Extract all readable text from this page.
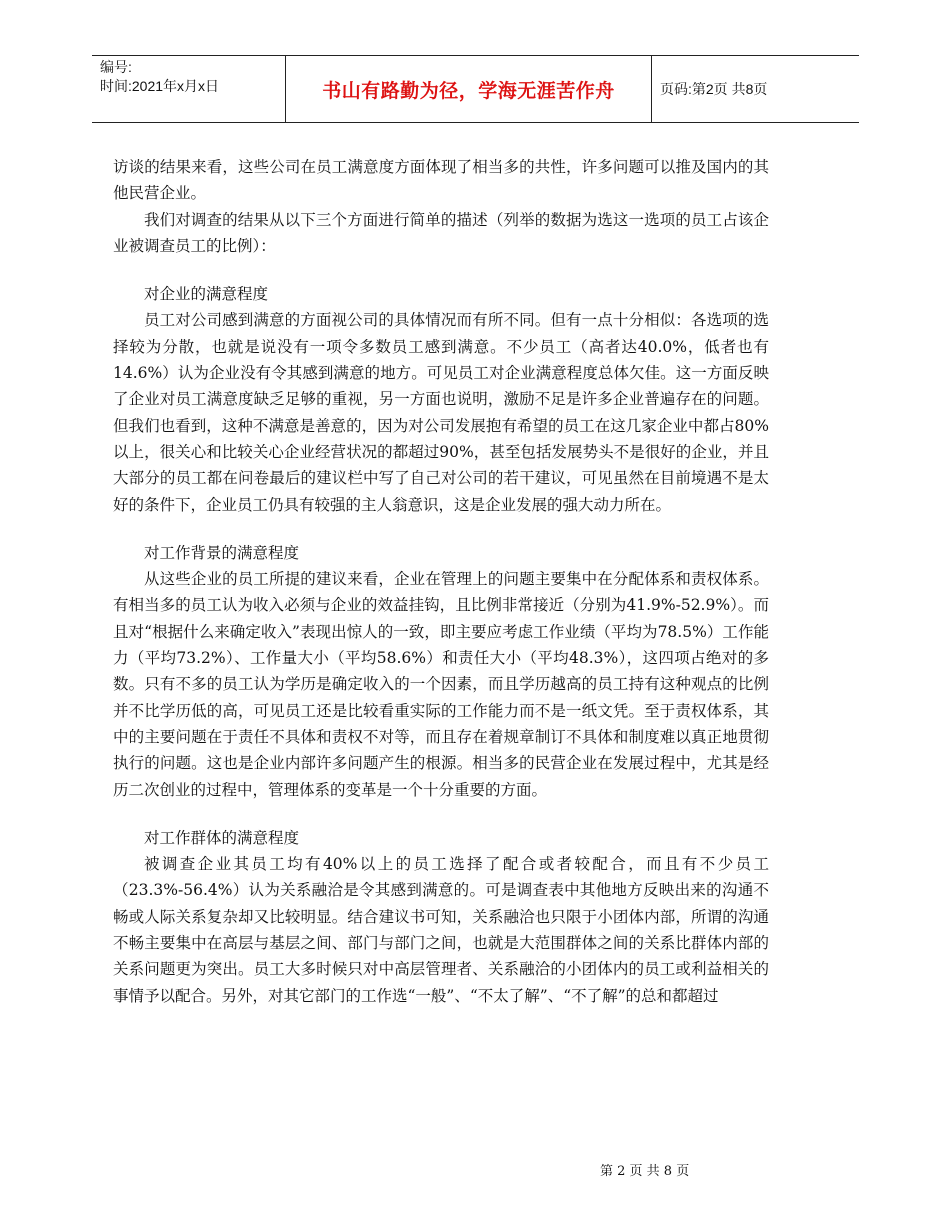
编号:
时间:2021年x月x日	书山有路勤为径，学海无涯苦作舟	页码:第2页 共8页

访谈的结果来看，这些公司在员工满意度方面体现了相当多的共性，许多问题可以推及国内的其他民营企业。

我们对调查的结果从以下三个方面进行简单的描述（列举的数据为选这一选项的员工占该企业被调查员工的比例）：

对企业的满意程度

员工对公司感到满意的方面视公司的具体情况而有所不同。但有一点十分相似：各选项的选择较为分散，也就是说没有一项令多数员工感到满意。不少员工（高者达40.0%，低者也有14.6%）认为企业没有令其感到满意的地方。可见员工对企业满意程度总体欠佳。这一方面反映了企业对员工满意度缺乏足够的重视，另一方面也说明，激励不足是许多企业普遍存在的问题。但我们也看到，这种不满意是善意的，因为对公司发展抱有希望的员工在这几家企业中都占80%以上，很关心和比较关心企业经营状况的都超过90%，甚至包括发展势头不是很好的企业，并且大部分的员工都在问卷最后的建议栏中写了自己对公司的若干建议，可见虽然在目前境遇不是太好的条件下，企业员工仍具有较强的主人翁意识，这是企业发展的强大动力所在。

对工作背景的满意程度

从这些企业的员工所提的建议来看，企业在管理上的问题主要集中在分配体系和责权体系。有相当多的员工认为收入必须与企业的效益挂钩，且比例非常接近（分别为41.9%-52.9%）。而且对“根据什么来确定收入”表现出惊人的一致，即主要应考虑工作业绩（平均为78.5%）工作能力（平均73.2%）、工作量大小（平均58.6%）和责任大小（平均48.3%），这四项占绝对的多数。只有不多的员工认为学历是确定收入的一个因素，而且学历越高的员工持有这种观点的比例并不比学历低的高，可见员工还是比较看重实际的工作能力而不是一纸文凭。至于责权体系，其中的主要问题在于责任不具体和责权不对等，而且存在着规章制订不具体和制度难以真正地贯彻执行的问题。这也是企业内部许多问题产生的根源。相当多的民营企业在发展过程中，尤其是经历二次创业的过程中，管理体系的变革是一个十分重要的方面。

对工作群体的满意程度

被调查企业其员工均有40%以上的员工选择了配合或者较配合，而且有不少员工（23.3%-56.4%）认为关系融洽是令其感到满意的。可是调查表中其他地方反映出来的沟通不畅或人际关系复杂却又比较明显。结合建议书可知，关系融洽也只限于小团体内部，所谓的沟通不畅主要集中在高层与基层之间、部门与部门之间，也就是大范围群体之间的关系比群体内部的关系问题更为突出。员工大多时候只对中高层管理者、关系融洽的小团体内的员工或利益相关的事情予以配合。另外，对其它部门的工作选“一般”、“不太了解”、“不了解”的总和都超过

第 2 页 共 8 页
